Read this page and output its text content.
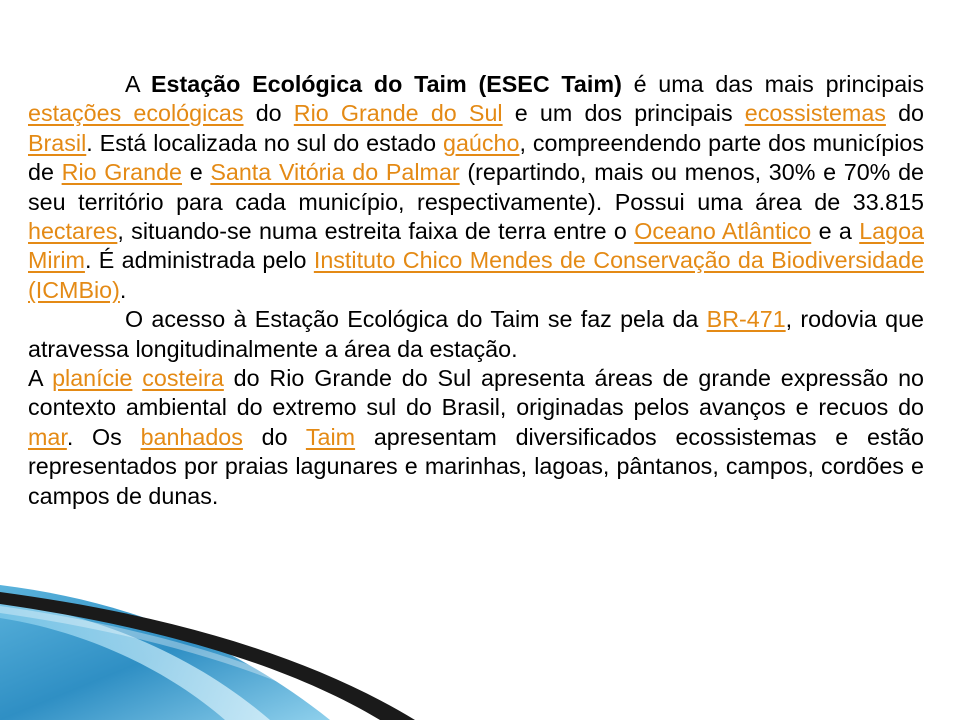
A Estação Ecológica do Taim (ESEC Taim) é uma das mais principais estações ecológicas do Rio Grande do Sul e um dos principais ecossistemas do Brasil. Está localizada no sul do estado gaúcho, compreendendo parte dos municípios de Rio Grande e Santa Vitória do Palmar (repartindo, mais ou menos, 30% e 70% de seu território para cada município, respectivamente). Possui uma área de 33.815 hectares, situando-se numa estreita faixa de terra entre o Oceano Atlântico e a Lagoa Mirim. É administrada pelo Instituto Chico Mendes de Conservação da Biodiversidade (ICMBio).

O acesso à Estação Ecológica do Taim se faz pela da BR-471, rodovia que atravessa longitudinalmente a área da estação.

A planície costeira do Rio Grande do Sul apresenta áreas de grande expressão no contexto ambiental do extremo sul do Brasil, originadas pelos avanços e recuos do mar. Os banhados do Taim apresentam diversificados ecossistemas e estão representados por praias lagunares e marinhas, lagoas, pântanos, campos, cordões e campos de dunas.
